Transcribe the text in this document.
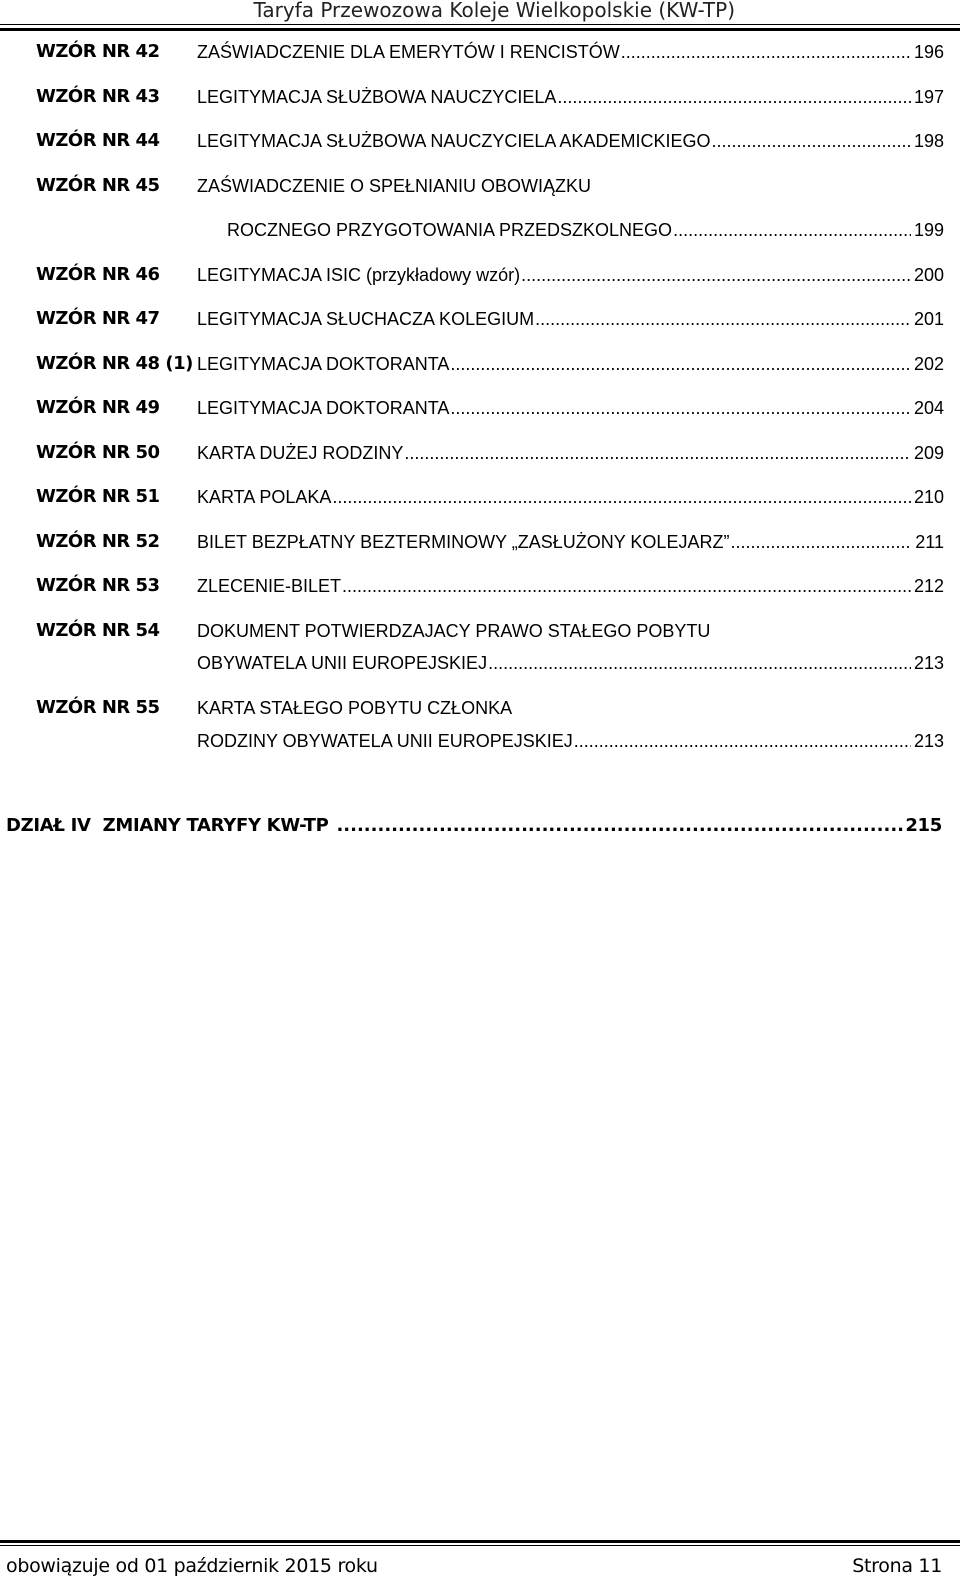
Taryfa Przewozowa Koleje Wielkopolskie (KW-TP)
WZÓR NR 42	ZAŚWIADCZENIE DLA EMERYTÓW I RENCISTÓW .....	196
WZÓR NR 43	LEGITYMACJA SŁUŻBOWA NAUCZYCIELA .....	197
WZÓR NR 44	LEGITYMACJA SŁUŻBOWA NAUCZYCIELA AKADEMICKIEGO .....	198
WZÓR NR 45	ZAŚWIADCZENIE O SPEŁNIANIU OBOWIĄZKU
ROCZNEGO PRZYGOTOWANIA PRZEDSZKOLNEGO .....	199
WZÓR NR 46	LEGITYMACJA ISIC (przykładowy wzór) .....	200
WZÓR NR 47	LEGITYMACJA SŁUCHACZA KOLEGIUM .....	201
WZÓR NR 48 (1) LEGITYMACJA DOKTORANTA .....	202
WZÓR NR 49	LEGITYMACJA DOKTORANTA .....	204
WZÓR NR 50	KARTA DUŻEJ RODZINY .....	209
WZÓR NR 51	KARTA POLAKA .....	210
WZÓR NR 52	BILET BEZPŁATNY BEZTERMINOWY „ZASŁUŻONY KOLEJARZ” .....	211
WZÓR NR 53	ZLECENIE-BILET .....	212
WZÓR NR 54	DOKUMENT POTWIERDZAJACY PRAWO STAŁEGO POBYTU
OBYWATELA UNII EUROPEJSKIEJ .....	213
WZÓR NR 55	KARTA STAŁEGO POBYTU CZŁONKA
RODZINY OBYWATELA UNII EUROPEJSKIEJ .....	213
DZIAŁ IV  ZMIANY TARYFY KW-TP .....	215
obowiązuje od 01 październik 2015 roku	Strona 11
